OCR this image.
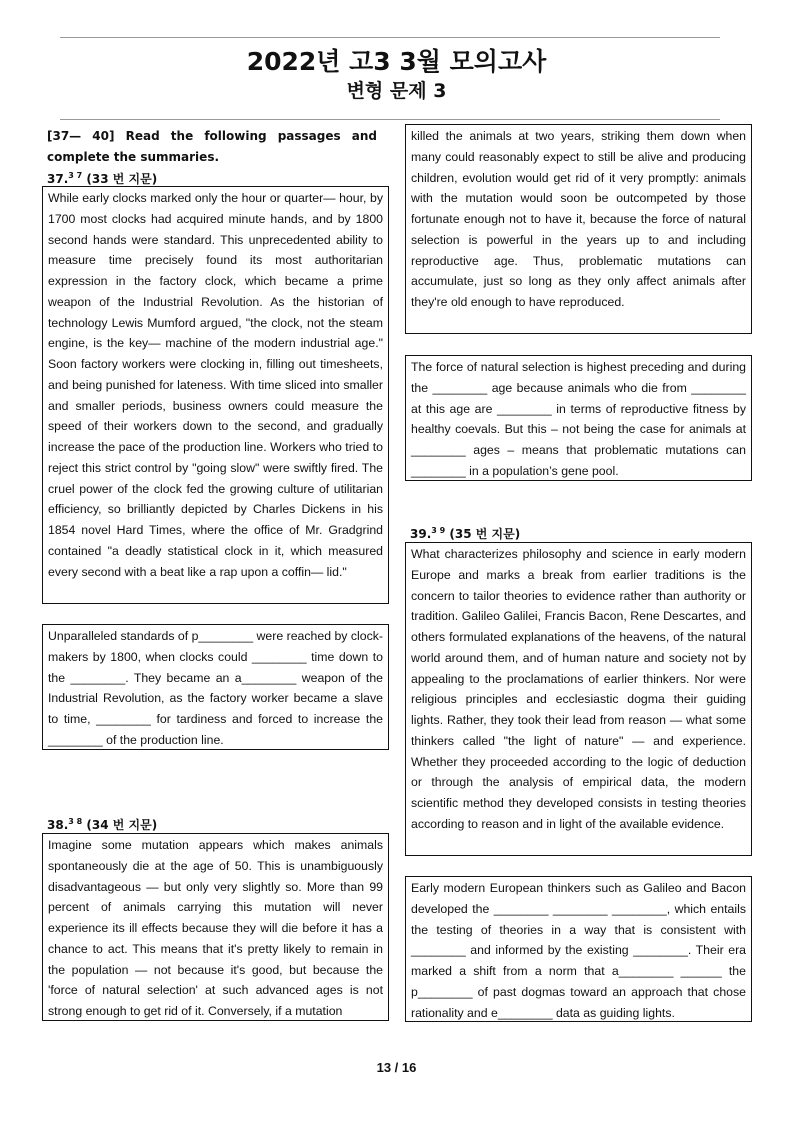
2022년 고3 3월 모의고사
변형 문제 3
[37— 40] Read the following passages and complete the summaries.
37.$^{3 7}$ (33 번 지문)
While early clocks marked only the hour or quarter— hour, by 1700 most clocks had acquired minute hands, and by 1800 second hands were standard. This unprecedented ability to measure time precisely found its most authoritarian expression in the factory clock, which became a prime weapon of the Industrial Revolution. As the historian of technology Lewis Mumford argued, "the clock, not the steam engine, is the key— machine of the modern industrial age." Soon factory workers were clocking in, filling out timesheets, and being punished for lateness. With time sliced into smaller and smaller periods, business owners could measure the speed of their workers down to the second, and gradually increase the pace of the production line. Workers who tried to reject this strict control by "going slow" were swiftly fired. The cruel power of the clock fed the growing culture of utilitarian efficiency, so brilliantly depicted by Charles Dickens in his 1854 novel Hard Times, where the office of Mr. Gradgrind contained "a deadly statistical clock in it, which measured every second with a beat like a rap upon a coffin— lid."
Unparalleled standards of p________ were reached by clock-makers by 1800, when clocks could ________ time down to the ________. They became an a________ weapon of the Industrial Revolution, as the factory worker became a slave to time, ________ for tardiness and forced to increase the ________ of the production line.
38.$^{3 8}$ (34 번 지문)
Imagine some mutation appears which makes animals spontaneously die at the age of 50. This is unambiguously disadvantageous — but only very slightly so. More than 99 percent of animals carrying this mutation will never experience its ill effects because they will die before it has a chance to act. This means that it's pretty likely to remain in the population — not because it's good, but because the 'force of natural selection' at such advanced ages is not strong enough to get rid of it. Conversely, if a mutation
killed the animals at two years, striking them down when many could reasonably expect to still be alive and producing children, evolution would get rid of it very promptly: animals with the mutation would soon be outcompeted by those fortunate enough not to have it, because the force of natural selection is powerful in the years up to and including reproductive age. Thus, problematic mutations can accumulate, just so long as they only affect animals after they're old enough to have reproduced.
The force of natural selection is highest preceding and during the ________ age because animals who die from ________ at this age are ________ in terms of reproductive fitness by healthy coevals. But this – not being the case for animals at ________ ages – means that problematic mutations can ________ in a population’s gene pool.
39.$^{3 9}$ (35 번 지문)
What characterizes philosophy and science in early modern Europe and marks a break from earlier traditions is the concern to tailor theories to evidence rather than authority or tradition. Galileo Galilei, Francis Bacon, Rene Descartes, and others formulated explanations of the heavens, of the natural world around them, and of human nature and society not by appealing to the proclamations of earlier thinkers. Nor were religious principles and ecclesiastic dogma their guiding lights. Rather, they took their lead from reason — what some thinkers called "the light of nature" — and experience. Whether they proceeded according to the logic of deduction or through the analysis of empirical data, the modern scientific method they developed consists in testing theories according to reason and in light of the available evidence.
Early modern European thinkers such as Galileo and Bacon developed the ________ ________ ________, which entails the testing of theories in a way that is consistent with ________ and informed by the existing ________. Their era marked a shift from a norm that a________ ______ the p________ of past dogmas toward an approach that chose rationality and e________ data as guiding lights.
13 / 16
